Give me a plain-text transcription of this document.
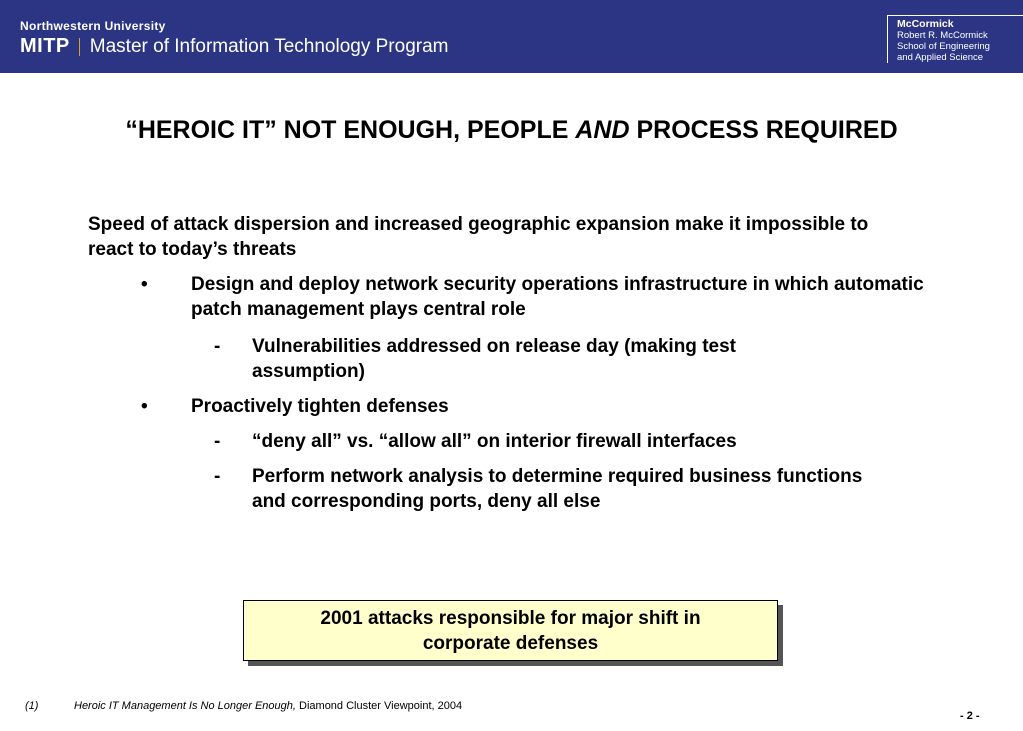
Northwestern University
MITP Master of Information Technology Program
McCormick
Robert R. McCormick
School of Engineering
and Applied Science
“HEROIC IT” NOT ENOUGH, PEOPLE AND PROCESS REQUIRED
Speed of attack dispersion and increased geographic expansion make it impossible to react to today’s threats
• Design and deploy network security operations infrastructure in which automatic patch management plays central role
- Vulnerabilities addressed on release day (making test assumption)
• Proactively tighten defenses
- “deny all” vs. “allow all” on interior firewall interfaces
- Perform network analysis to determine required business functions and corresponding ports, deny all else
2001 attacks responsible for major shift in corporate defenses
(1)	Heroic IT Management Is No Longer Enough, Diamond Cluster Viewpoint, 2004
- 2 -
